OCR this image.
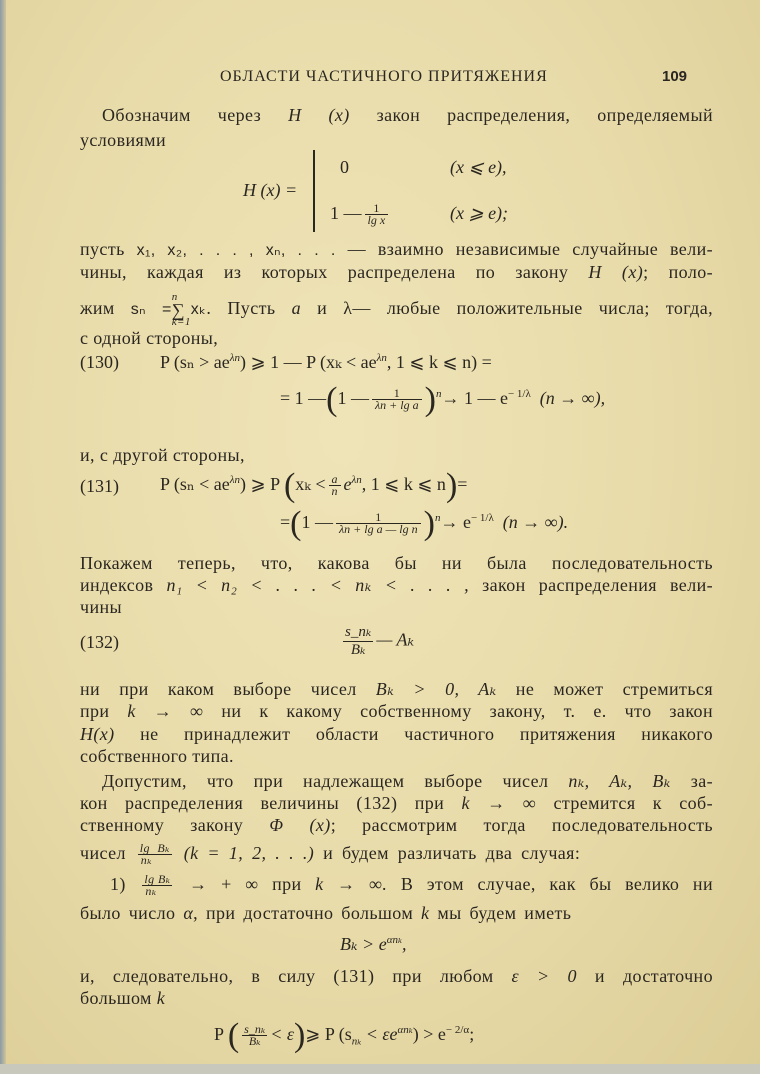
ОБЛАСТИ ЧАСТИЧНОГО ПРИТЯЖЕНИЯ	109
Обозначим через H (x) закон распределения, определяемый
условиями
H (x) =
0	(x ⩽ e),
1 — $\frac{1}{\text{lg x}}$	(x ⩾ e);
пусть x₁, x₂, . . . , xₙ, . . . — взаимно независимые случайные вели-
чины, каждая из которых распределена по закону H (x); поло-
жим sₙ =
n
∑
k=1
xₖ. Пусть a и λ— любые положительные числа; тогда,
с одной стороны,
(130) P $(s_n > ae^{\lambda n})$ ⩾ 1 — P ($x_k < ae^{\lambda n}$, 1 ⩽ k ⩽ n) =
= 1 —(1 — $\frac{1}{\text{λn + lg a}} )^n\to 1$ — $e^{- 1/\lambda}$ (n → ∞),
и, с другой стороны,
(131) P $(s_n < ae^{\lambda n})$ ⩾ P ($x_k < \frac{a}{n} e^{\lambda n}$, 1 ⩽ k ⩽ n)=
=(1 — $\frac{1}{\text{λn + lg a — lg n}} )^n\to e^{- 1/\lambda}$ (n → ∞).
Покажем теперь, что, какова бы ни была последовательность
индексов n₁ < n₂ < . . . < nₖ < . . . , закон распределения вели-
чины
(132)	$\frac{\text{s\_nₖ}}{\text{Bₖ}}$ — Aₖ
ни при каком выборе чисел Bₖ > 0, Aₖ не может стремиться
при k → ∞ ни к какому собственному закону, т. е. что закон
H(x) не принадлежит области частичного притяжения никакого
собственного типа.
Допустим, что при надлежащем выборе чисел nₖ, Aₖ, Bₖ за-
кон распределения величины (132) при k → ∞ стремится к соб-
ственному закону Φ (x); рассмотрим тогда последовательность
чисел $\frac{\text{lg Bₖ}}{\text{nₖ}} (k = 1$, 2, . . .) и будем различать два случая:
$1) \frac{\text{lg Bₖ}}{\text{nₖ}}$ → + ∞ при k → ∞. В этом случае, как бы велико ни
было число α, при достаточно большом k мы будем иметь
$B_k > e^{\alpha n_k}$,
и, следовательно, в силу (131) при любом ε > 0 и достаточно
большом k
P ( $\frac{\text{s\_nₖ}}{\text{Bₖ}}$ < ε)⩾ P $(s_{n_k} < \varepsilon e^{\alpha n_k}) > e^{- 2/\alpha}$;
